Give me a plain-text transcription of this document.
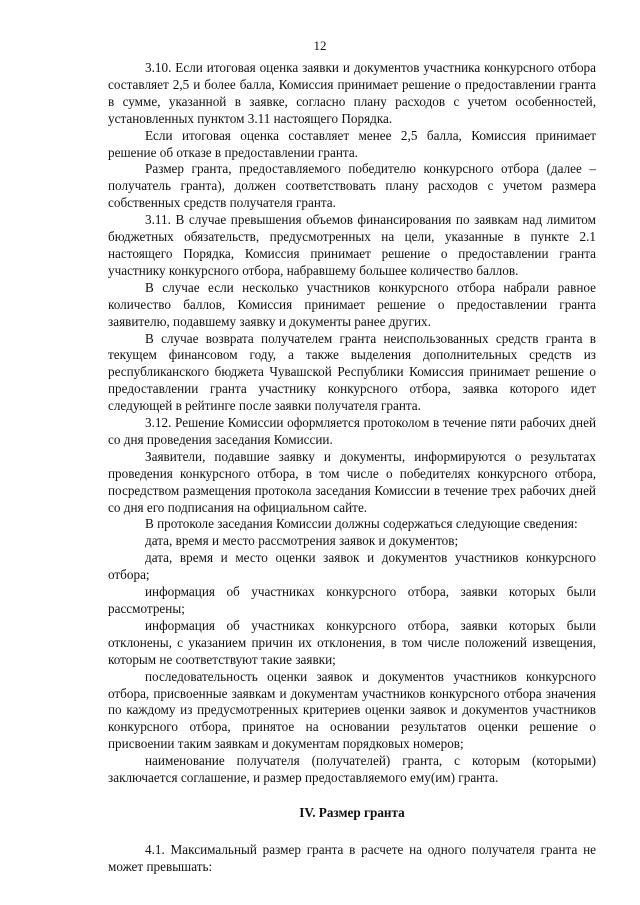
12

3.10. Если итоговая оценка заявки и документов участника конкурсного отбора составляет 2,5 и более балла, Комиссия принимает решение о предоставлении гранта в сумме, указанной в заявке, согласно плану расходов с учетом особенностей, установленных пунктом 3.11 настоящего Порядка.

Если итоговая оценка составляет менее 2,5 балла, Комиссия принимает решение об отказе в предоставлении гранта.

Размер гранта, предоставляемого победителю конкурсного отбора (далее – получатель гранта), должен соответствовать плану расходов с учетом размера собственных средств получателя гранта.

3.11. В случае превышения объемов финансирования по заявкам над лимитом бюджетных обязательств, предусмотренных на цели, указанные в пункте 2.1 настоящего Порядка, Комиссия принимает решение о предоставлении гранта участнику конкурсного отбора, набравшему большее количество баллов.

В случае если несколько участников конкурсного отбора набрали равное количество баллов, Комиссия принимает решение о предоставлении гранта заявителю, подавшему заявку и документы ранее других.

В случае возврата получателем гранта неиспользованных средств гранта в текущем финансовом году, а также выделения дополнительных средств из республиканского бюджета Чувашской Республики Комиссия принимает решение о предоставлении гранта участнику конкурсного отбора, заявка которого идет следующей в рейтинге после заявки получателя гранта.

3.12. Решение Комиссии оформляется протоколом в течение пяти рабочих дней со дня проведения заседания Комиссии.

Заявители, подавшие заявку и документы, информируются о результатах проведения конкурсного отбора, в том числе о победителях конкурсного отбора, посредством размещения протокола заседания Комиссии в течение трех рабочих дней со дня его подписания на официальном сайте.

В протоколе заседания Комиссии должны содержаться следующие сведения:

дата, время и место рассмотрения заявок и документов;

дата, время и место оценки заявок и документов участников конкурсного отбора;

информация об участниках конкурсного отбора, заявки которых были рассмотрены;

информация об участниках конкурсного отбора, заявки которых были отклонены, с указанием причин их отклонения, в том числе положений извещения, которым не соответствуют такие заявки;

последовательность оценки заявок и документов участников конкурсного отбора, присвоенные заявкам и документам участников конкурсного отбора значения по каждому из предусмотренных критериев оценки заявок и документов участников конкурсного отбора, принятое на основании результатов оценки решение о присвоении таким заявкам и документам порядковых номеров;

наименование получателя (получателей) гранта, с которым (которыми) заключается соглашение, и размер предоставляемого ему(им) гранта.

IV. Размер гранта

4.1. Максимальный размер гранта в расчете на одного получателя гранта не может превышать:
